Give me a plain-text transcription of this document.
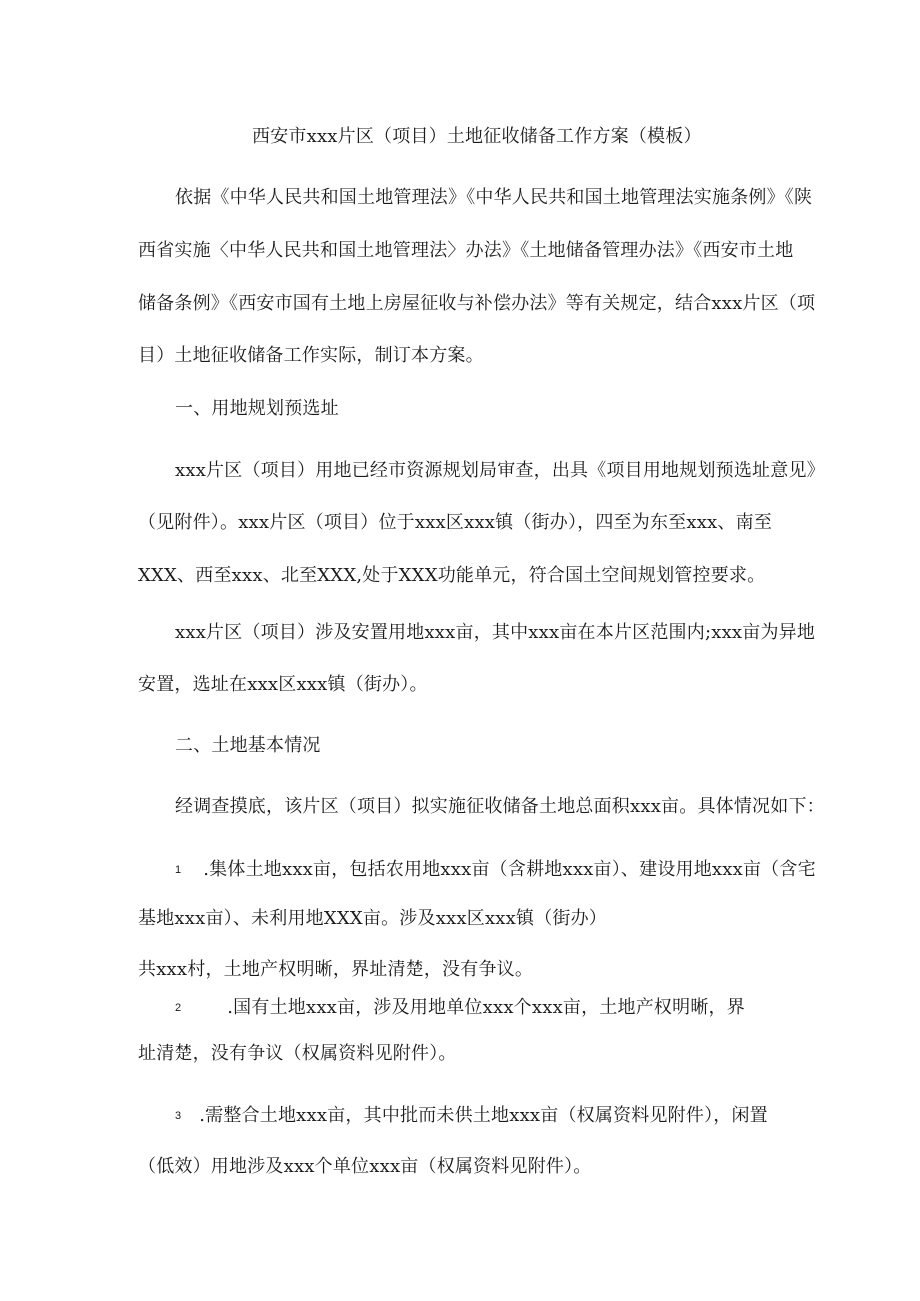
西安市xxx片区（项目）土地征收储备工作方案（模板）
依据《中华人民共和国土地管理法》《中华人民共和国土地管理法实施条例》《陕
西省实施〈中华人民共和国土地管理法〉办法》《土地储备管理办法》《西安市土地
储备条例》《西安市国有土地上房屋征收与补偿办法》等有关规定，结合xxx片区（项
目）土地征收储备工作实际，制订本方案。
一、用地规划预选址
xxx片区（项目）用地已经市资源规划局审查，出具《项目用地规划预选址意见》
（见附件）。xxx片区（项目）位于xxx区xxx镇（街办），四至为东至xxx、南至
XXX、西至xxx、北至XXX,处于XXX功能单元，符合国土空间规划管控要求。
xxx片区（项目）涉及安置用地xxx亩，其中xxx亩在本片区范围内;xxx亩为异地
安置，选址在xxx区xxx镇（街办）。
二、土地基本情况
经调查摸底，该片区（项目）拟实施征收储备土地总面积xxx亩。具体情况如下：
1 .集体土地xxx亩，包括农用地xxx亩（含耕地xxx亩）、建设用地xxx亩（含宅
基地xxx亩）、未利用地XXX亩。涉及xxx区xxx镇（街办）
共xxx村，土地产权明晰，界址清楚，没有争议。
2	.国有土地xxx亩，涉及用地单位xxx个xxx亩，土地产权明晰，界
址清楚，没有争议（权属资料见附件）。
3 .需整合土地xxx亩，其中批而未供土地xxx亩（权属资料见附件），闲置
（低效）用地涉及xxx个单位xxx亩（权属资料见附件）。
